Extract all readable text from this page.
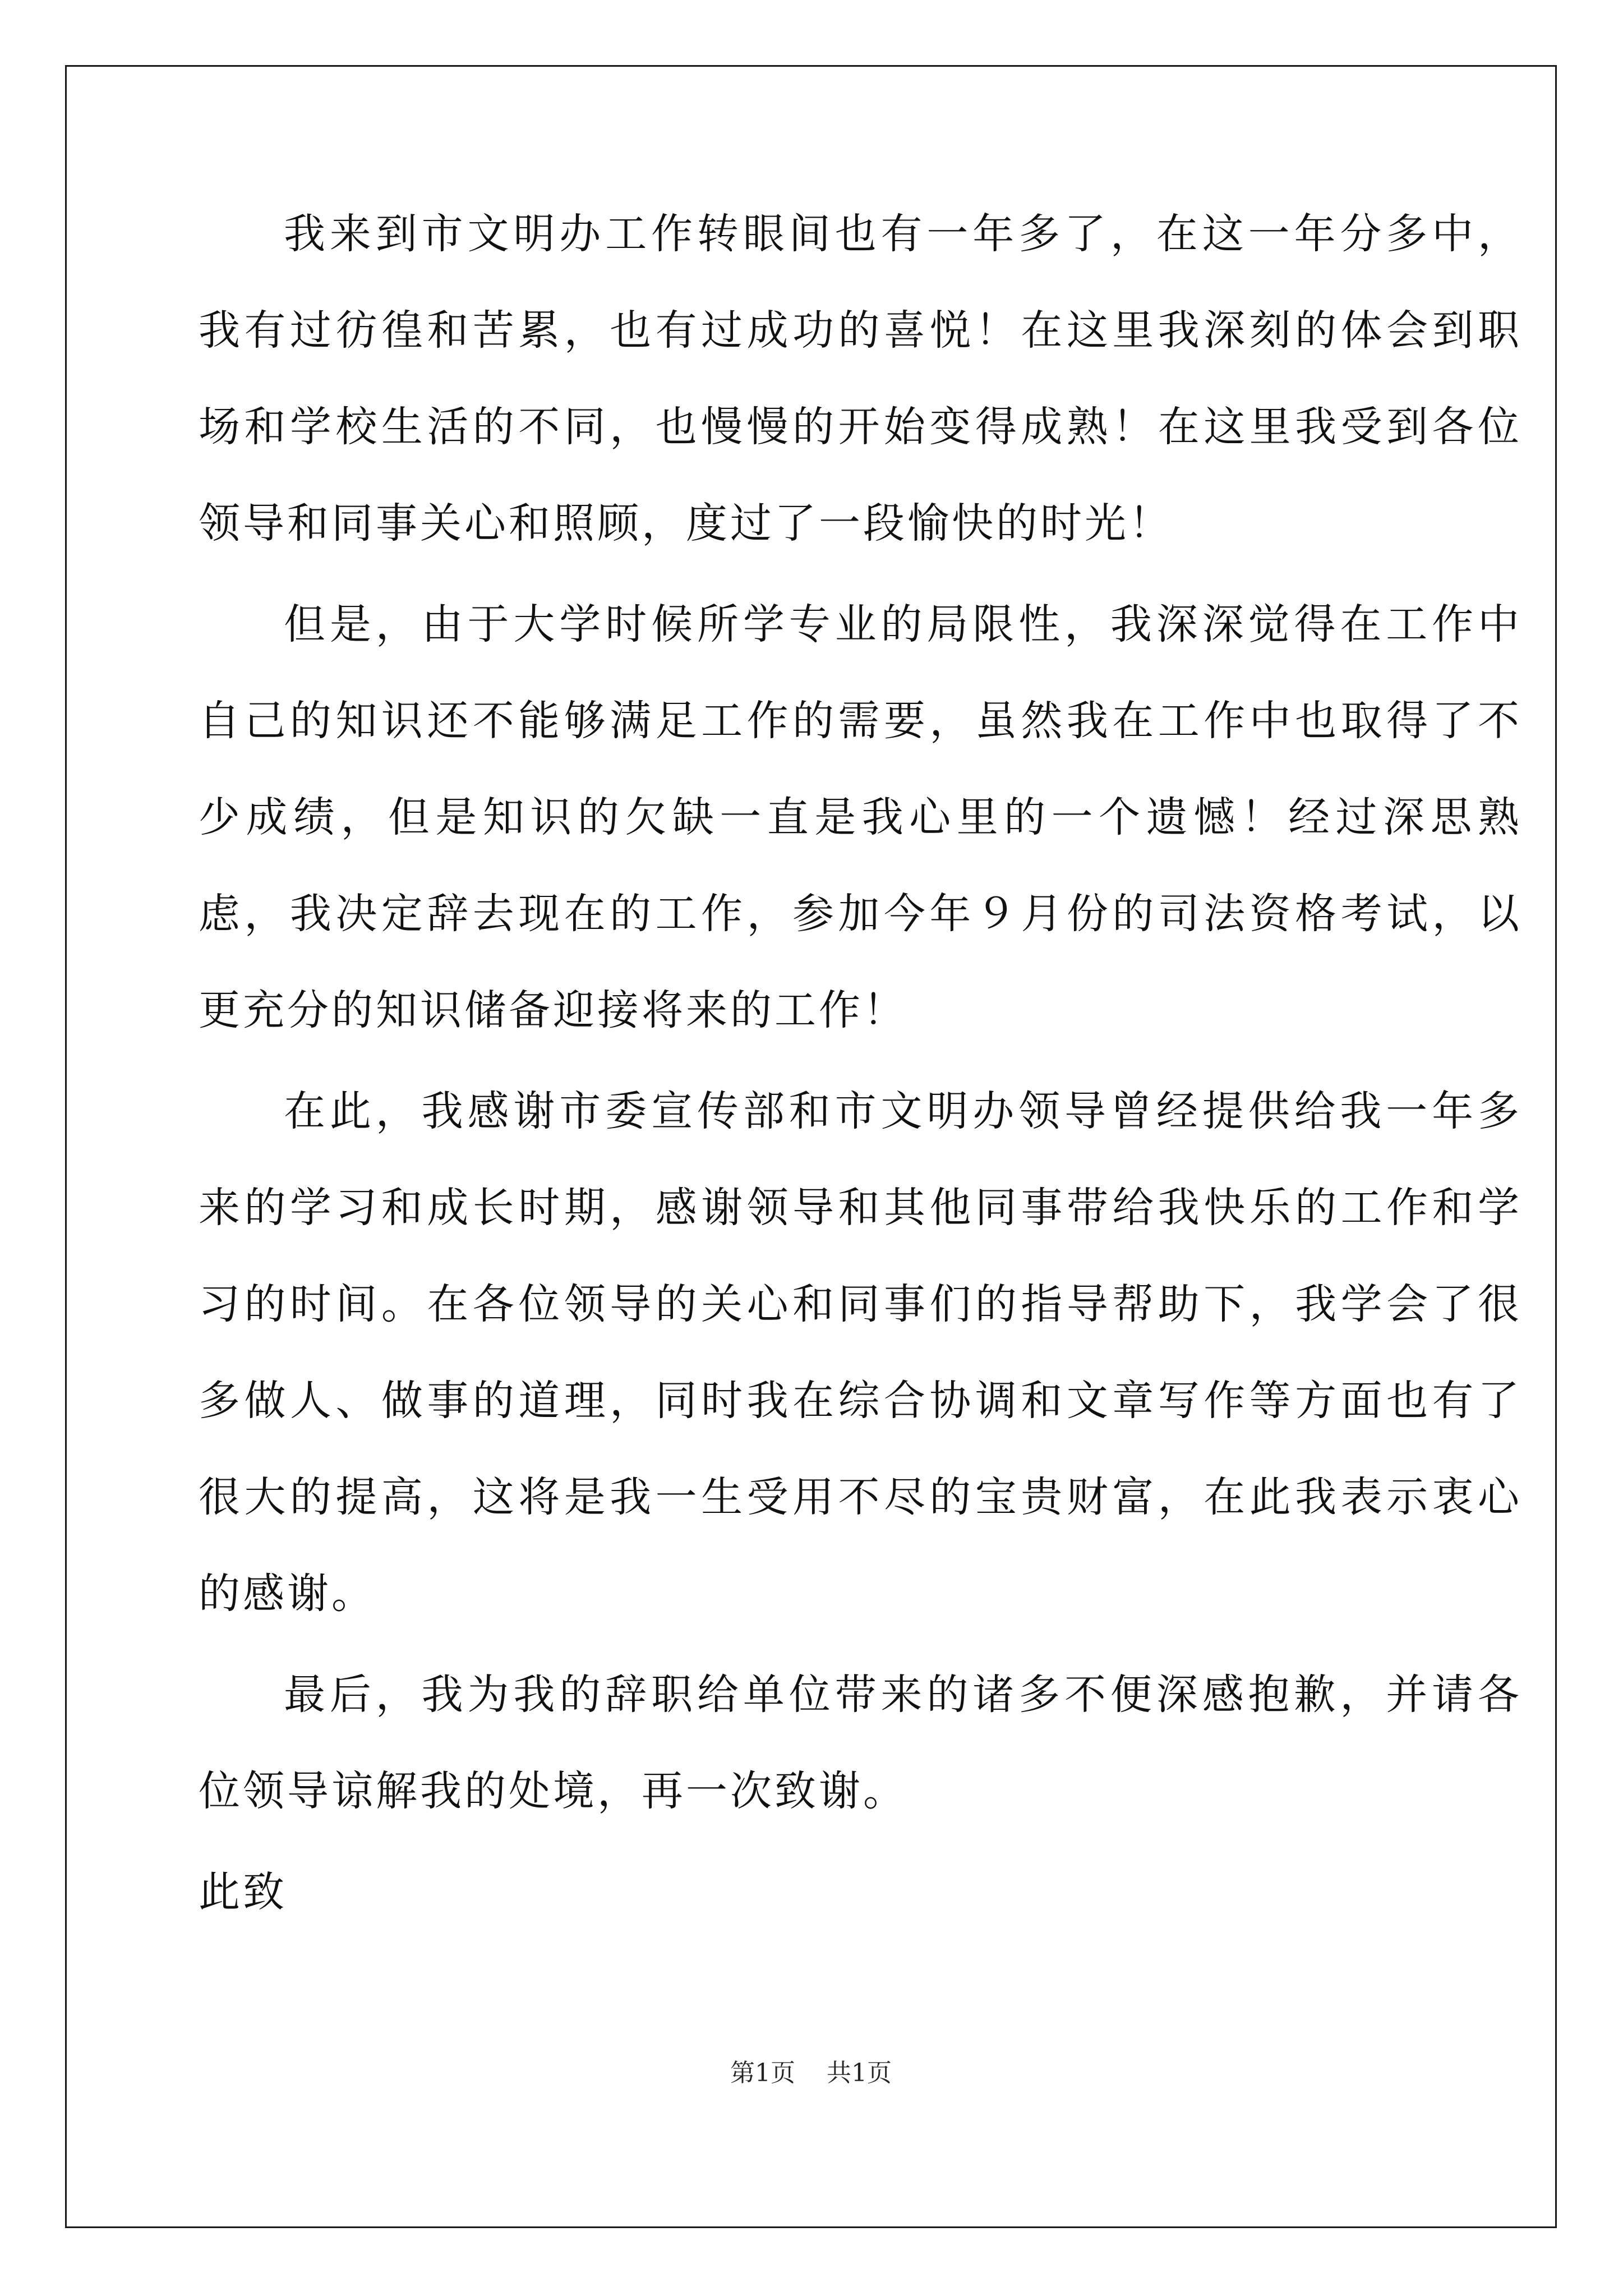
我来到市文明办工作转眼间也有一年多了，在这一年分多中，我有过彷徨和苦累，也有过成功的喜悦！在这里我深刻的体会到职场和学校生活的不同，也慢慢的开始变得成熟！在这里我受到各位领导和同事关心和照顾，度过了一段愉快的时光！

但是，由于大学时候所学专业的局限性，我深深觉得在工作中自己的知识还不能够满足工作的需要，虽然我在工作中也取得了不少成绩，但是知识的欠缺一直是我心里的一个遗憾！经过深思熟虑，我决定辞去现在的工作，参加今年９月份的司法资格考试，以更充分的知识储备迎接将来的工作！

在此，我感谢市委宣传部和市文明办领导曾经提供给我一年多来的学习和成长时期，感谢领导和其他同事带给我快乐的工作和学习的时间。在各位领导的关心和同事们的指导帮助下，我学会了很多做人、做事的道理，同时我在综合协调和文章写作等方面也有了很大的提高，这将是我一生受用不尽的宝贵财富，在此我表示衷心的感谢。

最后，我为我的辞职给单位带来的诸多不便深感抱歉，并请各位领导谅解我的处境，再一次致谢。

此致

第1页 共1页
